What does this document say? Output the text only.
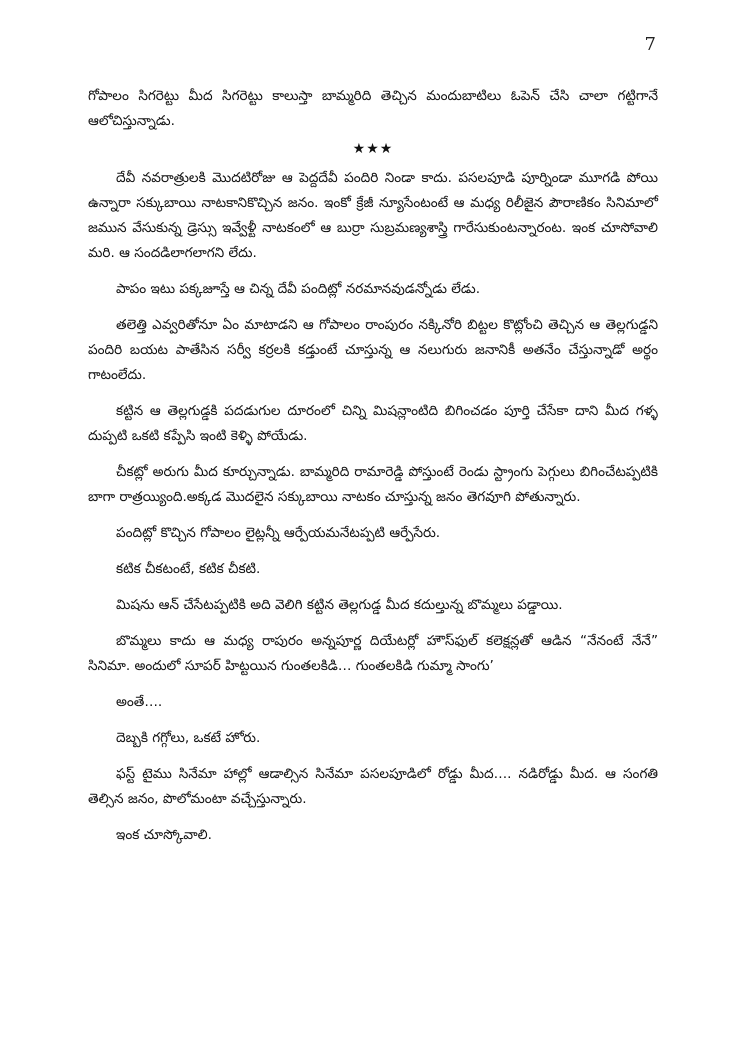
7

గోపాలం సిగరెట్టు మీద సిగరెట్టు కాలుస్తా బామ్మరిది తెచ్చిన మందుబాటిలు ఓపెన్ చేసి చాలా గట్టిగానే ఆలోచిస్తున్నాడు.

★★★

దేవీ నవరాత్రులకి మొదటిరోజు ఆ పెద్దదేవీ పందిరి నిండా కాదు. పసలపూడి పూర్నిండా మూగడి పోయి ఉన్నారా సక్కుబాయి నాటకానికొచ్చిన జనం. ఇంకో క్రేజీ న్యూసేంటంటే ఆ మధ్య రిలీజైన పౌరాణికం సినిమాలో జమున వేసుకున్న డ్రెస్సు ఇవ్వేళ్టీ నాటకంలో ఆ బుర్రా సుబ్రమణ్యశాస్త్రి గారేసుకుంటన్నారంట. ఇంక చూసోవాలి మరి. ఆ సందడిలాగలాగని లేదు.

పాపం ఇటు పక్కజూస్తే ఆ చిన్న దేవీ పందిట్లో నరమానవుడన్నోడు లేడు.

తలెత్తి ఎవ్వరితోనూ ఏం మాటాడని ఆ గోపాలం రాంపురం నక్కినోరి బిట్టల కొట్లోంచి తెచ్చిన ఆ తెల్లగుడ్డని పందిరి బయట పాతేసిన సర్వీ కర్రలకి కడ్తుంటే చూస్తున్న ఆ నలుగురు జనానికీ అతనేం చేస్తున్నాడో అర్థం గాటంలేదు.

కట్టిన ఆ తెల్లగుడ్డకి పదడుగుల దూరంలో చిన్ని మిషన్లాంటిది బిగించడం పూర్తి చేసేకా దాని మీద గళ్ళ దుప్పటి ఒకటి కప్పేసి ఇంటి కెళ్ళి పోయేడు.

చీకట్లో అరుగు మీద కూర్చున్నాడు. బామ్మరిది రామారెడ్డి పోస్తుంటే రెండు స్ట్రాంగు పెగ్గులు బిగించేటప్పటికి బాగా రాత్రయ్యింది.అక్కడ మొదలైన సక్కుబాయి నాటకం చూస్తున్న జనం తెగవూగి పోతున్నారు.

పందిట్లో కొచ్చిన గోపాలం లైట్లన్నీ ఆర్పేయమనేటప్పటి ఆర్పేసేరు.

కటిక చీకటంటే, కటిక చీకటి.

మిషను ఆన్ చేసేటప్పటికి అది వెలిగి కట్టిన తెల్లగుడ్డ మీద కదుల్తున్న బొమ్మలు పడ్డాయి.

బొమ్మలు కాదు ఆ మధ్య రాపురం అన్నపూర్ణ దియేటర్లో హౌస్‌ఫుల్ కలెక్షన్లతో ఆడిన “నేనంటే నేనే” సినిమా. అందులో సూపర్ హిట్టయిన గుంతలకిడి… గుంతలకిడి గుమ్మా సాంగు’

అంతే….

దెబ్బకి గగ్గోలు, ఒకటే హోరు.

ఫస్ట్ టైము సినేమా హాల్లో ఆడాల్సిన సినేమా పసలపూడిలో రోడ్డు మీద…. నడిరోడ్డు మీద. ఆ సంగతి తెల్సిన జనం, పొలోమంటా వచ్చేస్తున్నారు.

ఇంక చూస్కోవాలి.
